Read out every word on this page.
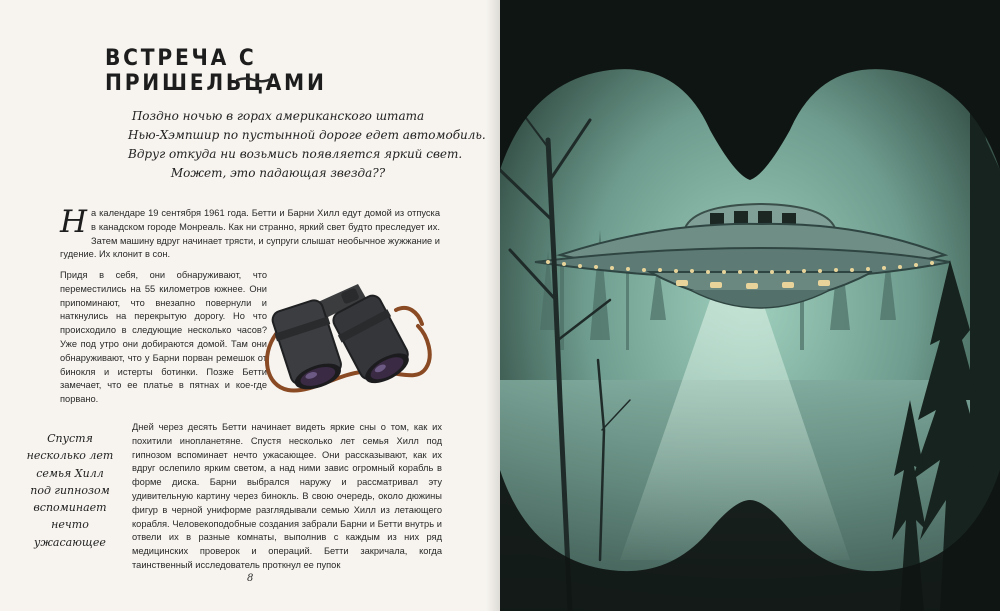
ВСТРЕЧА С ПРИШЕЛЬЦАМИ
Поздно ночью в горах американского штата
Нью-Хэмпшир по пустынной дороге едет автомобиль.
Вдруг откуда ни возьмись появляется яркий свет.
Может, это падающая звезда??

На календаре 19 сентября 1961 года. Бетти и Барни Хилл едут домой из отпуска в канадском городе Монреаль. Как ни странно, яркий свет будто преследует их. Затем машину вдруг начинает трясти, и супруги слышат необычное жужжание и гудение. Их клонит в сон.

Придя в себя, они обнаруживают, что переместились на 55 километров южнее. Они припоминают, что внезапно повернули и наткнулись на перекрытую дорогу. Но что происходило в следующие несколько часов? Уже под утро они добираются домой. Там они обнаруживают, что у Барни порван ремешок от бинокля и истерты ботинки. Позже Бетти замечает, что ее платье в пятнах и кое-где порвано.

Спустя
несколько лет
семья Хилл
под гипнозом
вспоминает
нечто
ужасающее

Дней через десять Бетти начинает видеть яркие сны о том, как их похитили инопланетяне. Спустя несколько лет семья Хилл под гипнозом вспоминает нечто ужасающее. Они рассказывают, как их вдруг ослепило ярким светом, а над ними завис огромный корабль в форме диска. Барни выбрался наружу и рассматривал эту удивительную картину через бинокль. В свою очередь, около дюжины фигур в черной униформе разглядывали семью Хилл из летающего корабля. Человекоподобные создания забрали Барни и Бетти внутрь и отвели их в разные комнаты, выполнив с каждым из них ряд медицинских проверок и операций. Бетти закричала, когда таинственный исследователь проткнул ее пупок

8
